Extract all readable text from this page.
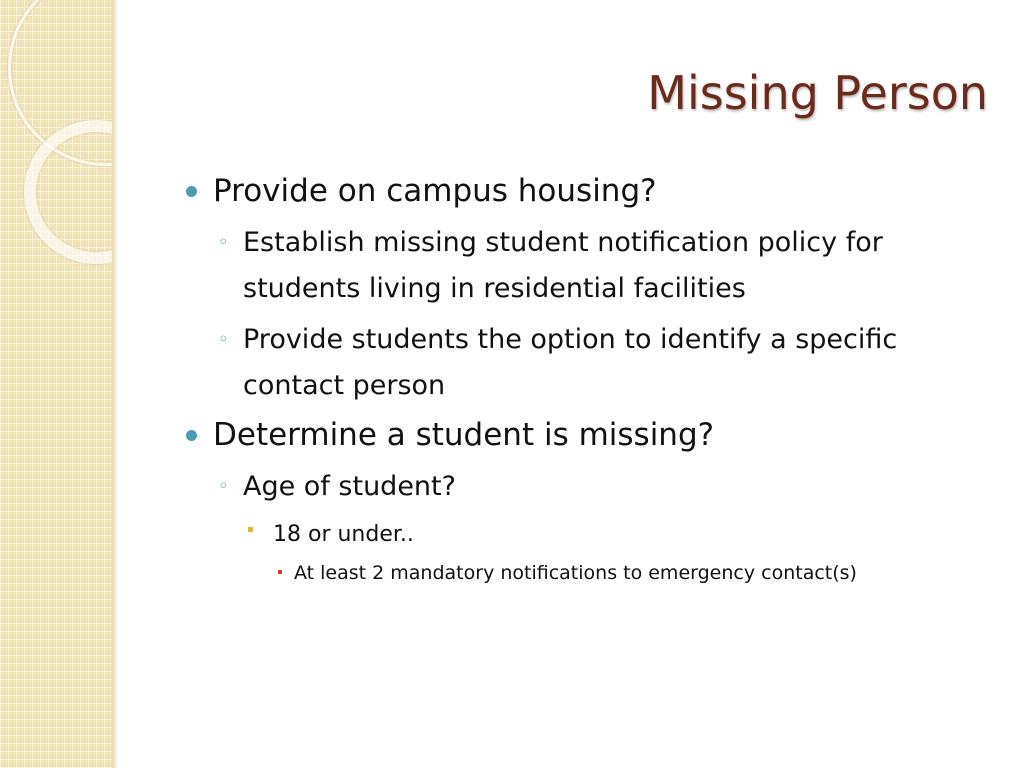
Missing Person
Provide on campus housing?
◦ Establish missing student notification policy for students living in residential facilities
◦ Provide students the option to identify a specific contact person
Determine a student is missing?
◦ Age of student?
18 or under..
At least 2 mandatory notifications to emergency contact(s)
